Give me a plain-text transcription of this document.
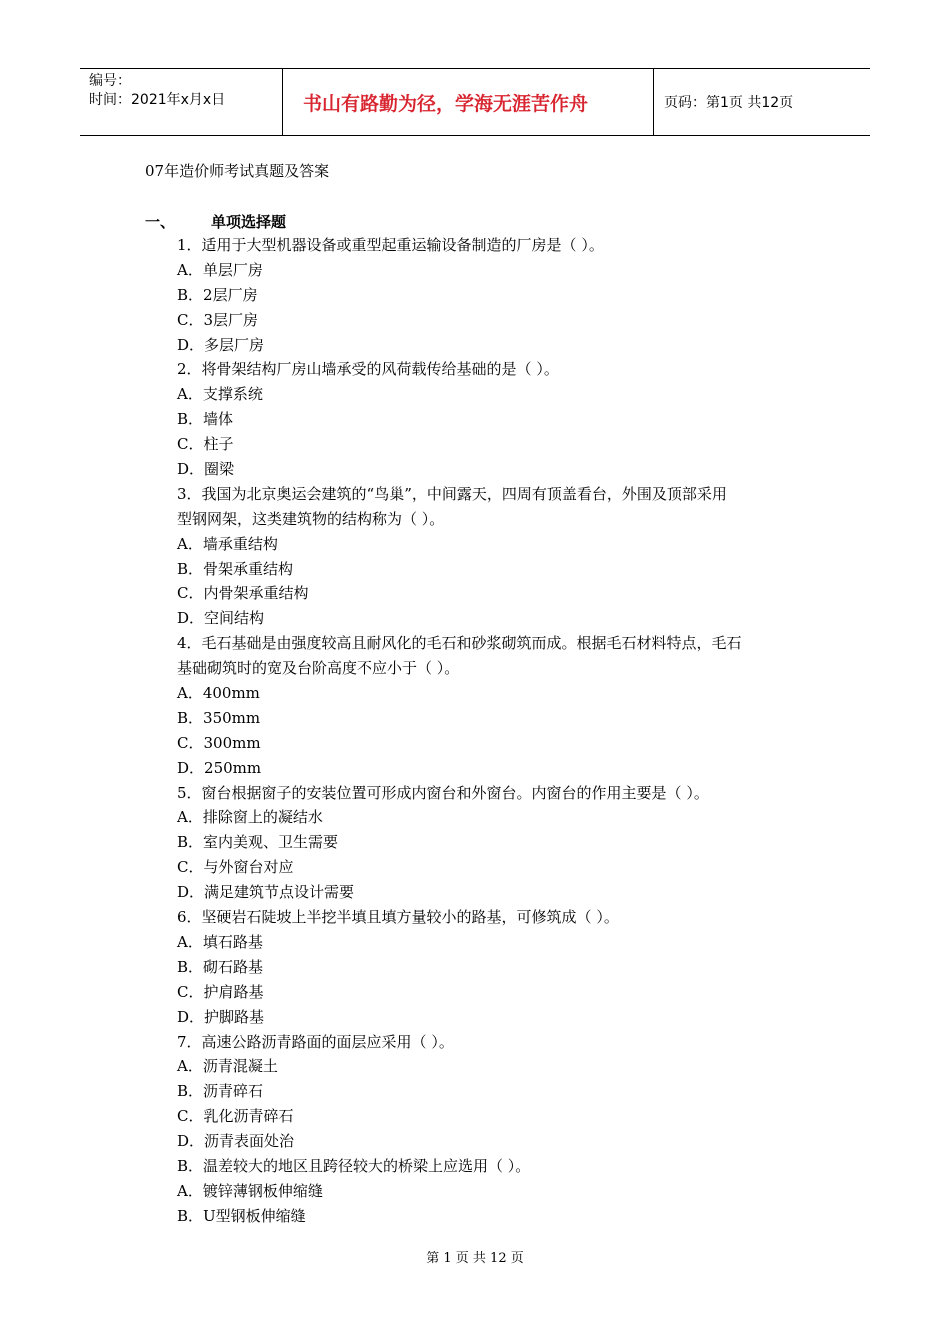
编号：
时间：2021年x月x日	书山有路勤为径，学海无涯苦作舟	页码：第1页 共12页
07年造价师考试真题及答案
一、 单项选择题
1．适用于大型机器设备或重型起重运输设备制造的厂房是（ ）。
A．单层厂房
B．2层厂房
C．3层厂房
D．多层厂房
2．将骨架结构厂房山墙承受的风荷载传给基础的是（ ）。
A．支撑系统
B．墙体
C．柱子
D．圈梁
3．我国为北京奥运会建筑的“鸟巢”，中间露天，四周有顶盖看台，外围及顶部采用
型钢网架，这类建筑物的结构称为（ ）。
A．墙承重结构
B．骨架承重结构
C．内骨架承重结构
D．空间结构
4．毛石基础是由强度较高且耐风化的毛石和砂浆砌筑而成。根据毛石材料特点，毛石
基础砌筑时的宽及台阶高度不应小于（ ）。
A．400mm
B．350mm
C．300mm
D．250mm
5．窗台根据窗子的安装位置可形成内窗台和外窗台。内窗台的作用主要是（ ）。
A．排除窗上的凝结水
B．室内美观、卫生需要
C．与外窗台对应
D．满足建筑节点设计需要
6．坚硬岩石陡坡上半挖半填且填方量较小的路基，可修筑成（ ）。
A．填石路基
B．砌石路基
C．护肩路基
D．护脚路基
7．高速公路沥青路面的面层应采用（ ）。
A．沥青混凝土
B．沥青碎石
C．乳化沥青碎石
D．沥青表面处治
B．温差较大的地区且跨径较大的桥梁上应选用（ ）。
A．镀锌薄钢板伸缩缝
B．U型钢板伸缩缝
第 1 页 共 12 页
